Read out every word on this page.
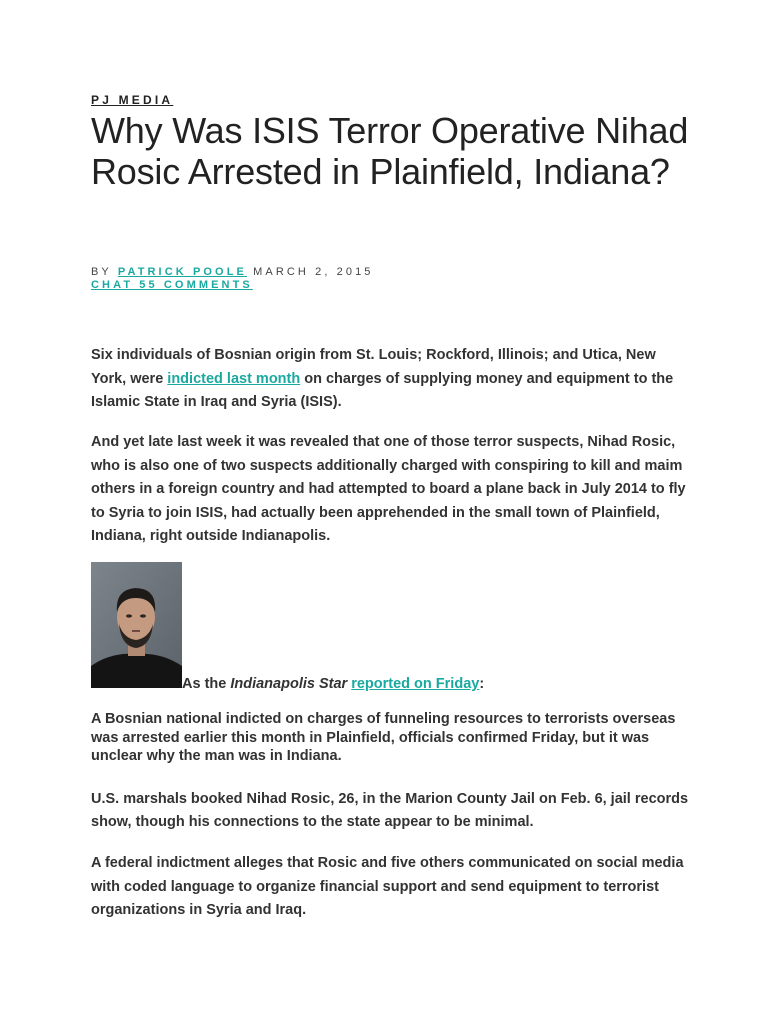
PJ MEDIA
Why Was ISIS Terror Operative Nihad Rosic Arrested in Plainfield, Indiana?
BY PATRICK POOLE MARCH 2, 2015
CHAT 55 COMMENTS

Six individuals of Bosnian origin from St. Louis; Rockford, Illinois; and Utica, New York, were indicted last month on charges of supplying money and equipment to the Islamic State in Iraq and Syria (ISIS).

And yet late last week it was revealed that one of those terror suspects, Nihad Rosic, who is also one of two suspects additionally charged with conspiring to kill and maim others in a foreign country and had attempted to board a plane back in July 2014 to fly to Syria to join ISIS, had actually been apprehended in the small town of Plainfield, Indiana, right outside Indianapolis.

As the Indianapolis Star reported on Friday:

A Bosnian national indicted on charges of funneling resources to terrorists overseas was arrested earlier this month in Plainfield, officials confirmed Friday, but it was unclear why the man was in Indiana.

U.S. marshals booked Nihad Rosic, 26, in the Marion County Jail on Feb. 6, jail records show, though his connections to the state appear to be minimal.

A federal indictment alleges that Rosic and five others communicated on social media with coded language to organize financial support and send equipment to terrorist organizations in Syria and Iraq.
